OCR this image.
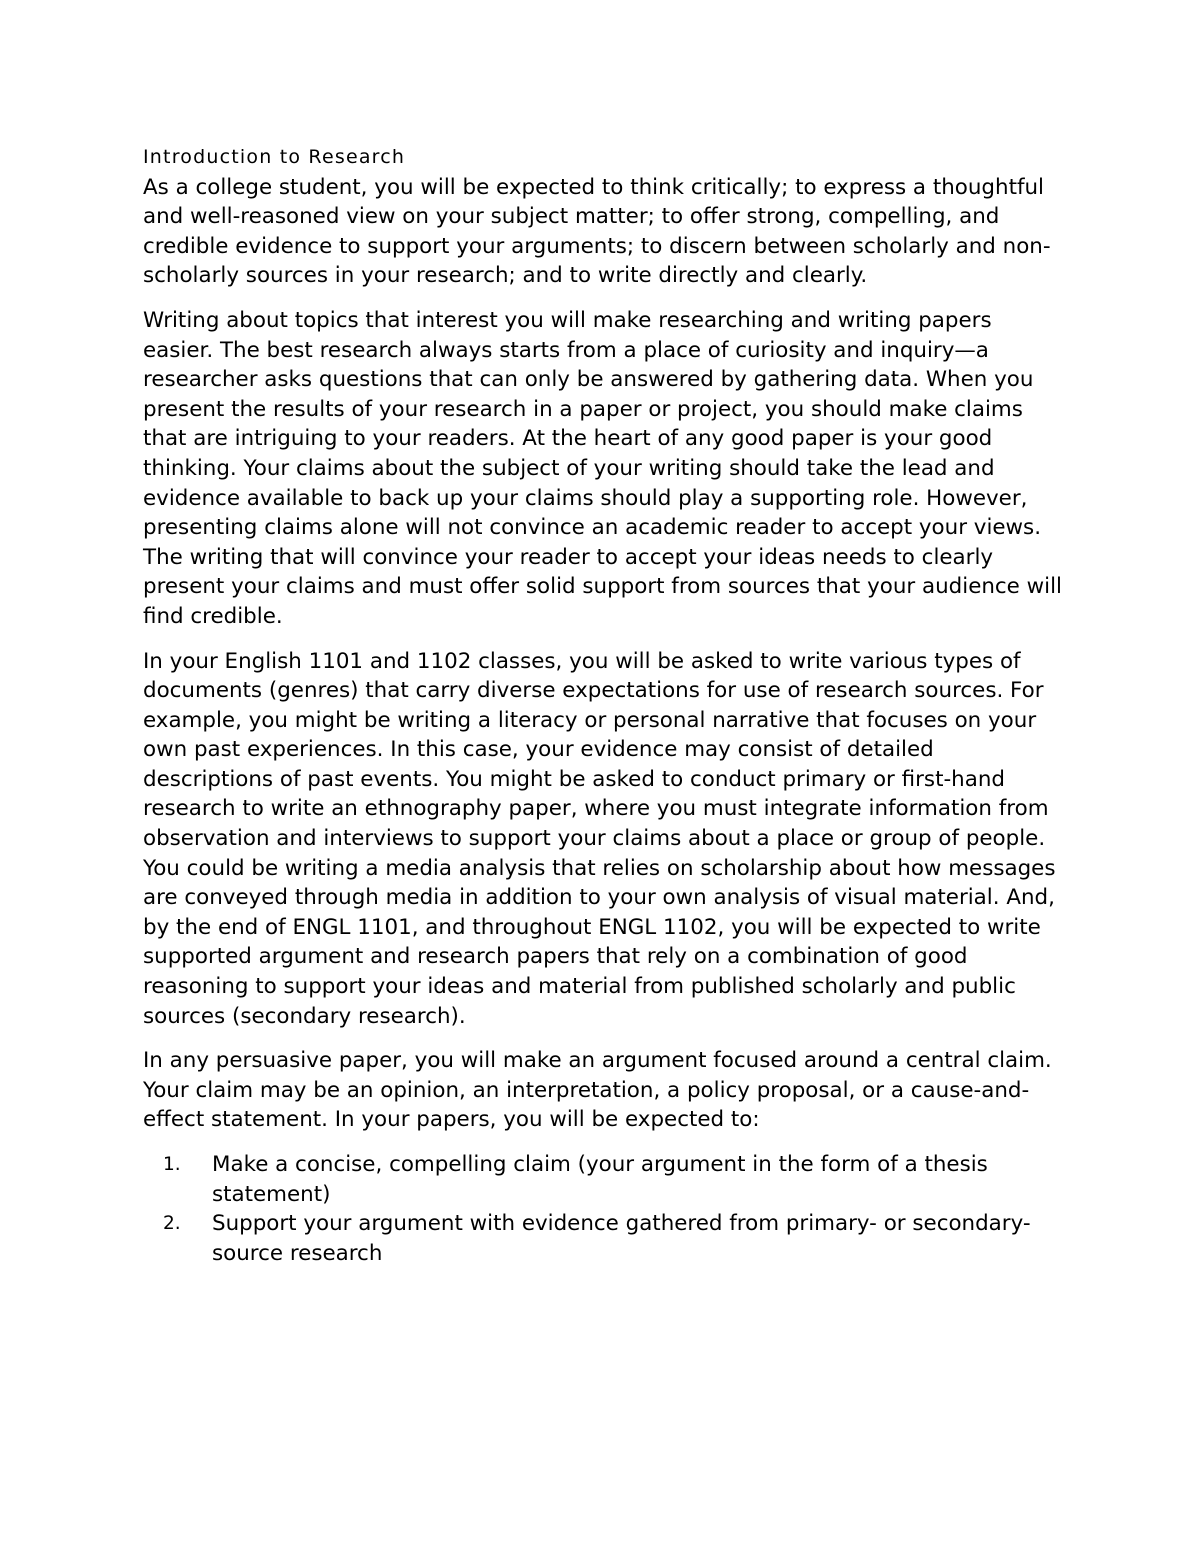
Introduction to Research

As a college student, you will be expected to think critically; to express a thoughtful and well-reasoned view on your subject matter; to offer strong, compelling, and credible evidence to support your arguments; to discern between scholarly and non-scholarly sources in your research; and to write directly and clearly.

Writing about topics that interest you will make researching and writing papers easier. The best research always starts from a place of curiosity and inquiry—a researcher asks questions that can only be answered by gathering data. When you present the results of your research in a paper or project, you should make claims that are intriguing to your readers. At the heart of any good paper is your good thinking. Your claims about the subject of your writing should take the lead and evidence available to back up your claims should play a supporting role. However, presenting claims alone will not convince an academic reader to accept your views. The writing that will convince your reader to accept your ideas needs to clearly present your claims and must offer solid support from sources that your audience will find credible.

In your English 1101 and 1102 classes, you will be asked to write various types of documents (genres) that carry diverse expectations for use of research sources. For example, you might be writing a literacy or personal narrative that focuses on your own past experiences. In this case, your evidence may consist of detailed descriptions of past events. You might be asked to conduct primary or first-hand research to write an ethnography paper, where you must integrate information from observation and interviews to support your claims about a place or group of people. You could be writing a media analysis that relies on scholarship about how messages are conveyed through media in addition to your own analysis of visual material. And, by the end of ENGL 1101, and throughout ENGL 1102, you will be expected to write supported argument and research papers that rely on a combination of good reasoning to support your ideas and material from published scholarly and public sources (secondary research).

In any persuasive paper, you will make an argument focused around a central claim. Your claim may be an opinion, an interpretation, a policy proposal, or a cause-and-effect statement. In your papers, you will be expected to:

1. Make a concise, compelling claim (your argument in the form of a thesis statement)
2. Support your argument with evidence gathered from primary- or secondary-source research
